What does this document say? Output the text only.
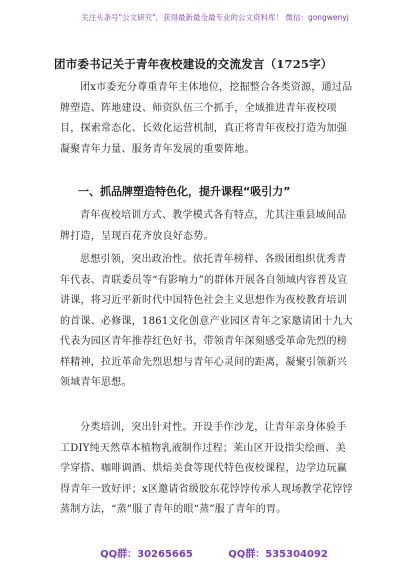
关注头条号"公文研究"，获得最新最全最专业的公文资料库！ 微信：gongwenyj
团市委书记关于青年夜校建设的交流发言（1725字）
团x市委充分尊重青年主体地位，挖掘整合各类资源，通过品牌塑造、阵地建设、师资队伍三个抓手，全域推进青年夜校项目，探索常态化、长效化运营机制，真正将青年夜校打造为加强凝聚青年力量、服务青年发展的重要阵地。
一、抓品牌塑造特色化，提升课程“吸引力”
青年夜校培训方式、教学模式各有特点，尤其注重县域间品牌打造，呈现百花齐放良好态势。
思想引领，突出政治性。依托青年榜样、各级团组织优秀青年代表、青联委员等“有影响力”的群体开展各自领域内容普及宣讲课，将习近平新时代中国特色社会主义思想作为夜校教育培训的首课、必修课，1861文化创意产业园区青年之家邀请团十九大代表为园区青年推荐红色好书，带领青年深刻感受革命先烈的榜样精神，拉近革命先烈思想与青年心灵间的距离，凝聚引领新兴领域青年思想。
分类培训，突出针对性。开设手作沙龙，让青年亲身体验手工DIY纯天然草本植物乳液制作过程；莱山区开设指尖绘画、美学穿搭、咖啡调酒、烘焙美食等现代特色夜校课程，边学边玩赢得青年一致好评；x区邀请省级胶东花饽饽传承人现场教学花饽饽蒸制方法，“蒸”服了青年的眼“蒸”服了青年的胃。
QQ群：30265665	QQ群：535304092
